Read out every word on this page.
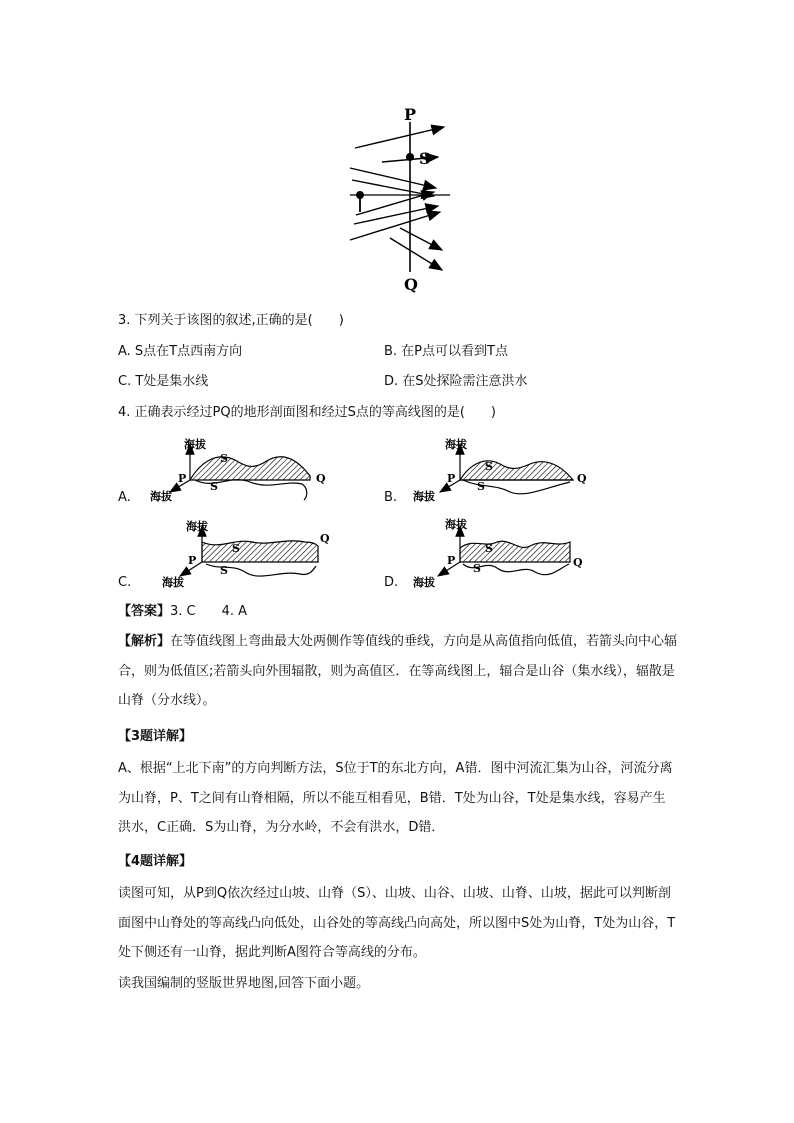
P
S
Q
3. 下列关于该图的叙述,正确的是(　　)
A. S点在T点西南方向	B. 在P点可以看到T点
C. T处是集水线	D. 在S处探险需注意洪水
4. 正确表示经过PQ的地形剖面图和经过S点的等高线图的是(　　)
A.
海拔
P	Q
S
S
海拔	B.
海拔
P	Q
S
S
海拔
C.
海拔
P
Q
S
S
海拔	D.
海拔
P	Q
S
S
海拔
【答案】3. C　　4. A
【解析】在等值线图上弯曲最大处两侧作等值线的垂线，方向是从高值指向低值，若箭头向中心辐合，则为低值区;若箭头向外围辐散，则为高值区．在等高线图上，辐合是山谷（集水线），辐散是山脊（分水线）。
【3题详解】
A、根据“上北下南”的方向判断方法，S位于T的东北方向，A错．图中河流汇集为山谷，河流分离为山脊，P、T之间有山脊相隔，所以不能互相看见，B错．T处为山谷，T处是集水线，容易产生洪水，C正确．S为山脊，为分水岭，不会有洪水，D错．
【4题详解】
读图可知，从P到Q依次经过山坡、山脊（S）、山坡、山谷、山坡、山脊、山坡，据此可以判断剖面图中山脊处的等高线凸向低处，山谷处的等高线凸向高处，所以图中S处为山脊，T处为山谷，T处下侧还有一山脊，据此判断A图符合等高线的分布。
读我国编制的竖版世界地图,回答下面小题。
